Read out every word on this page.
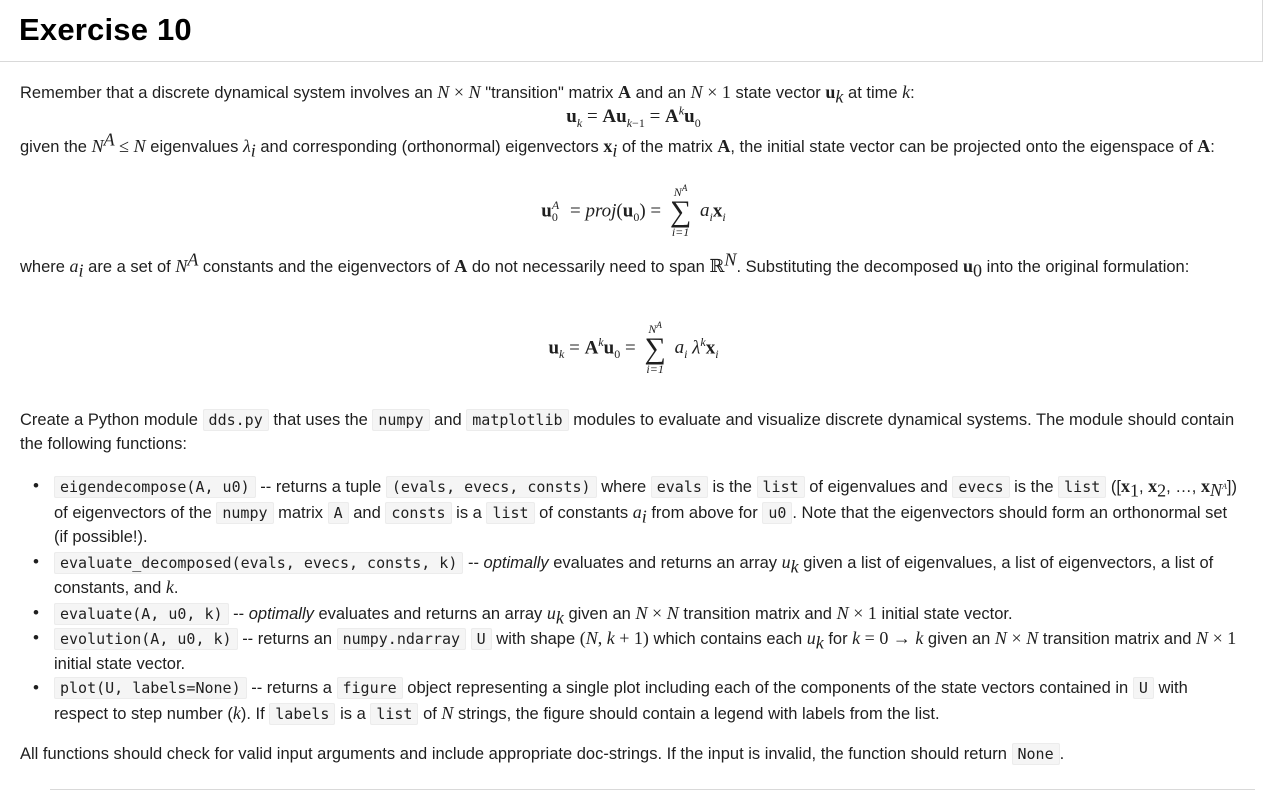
Exercise 10
Remember that a discrete dynamical system involves an N × N "transition" matrix A and an N × 1 state vector $u_k$ at time k:
$u_k = Au_{k-1} = A^ku_0$
given the $N^A \le N$ eigenvalues $\lambda_i$ and corresponding (orthonormal) eigenvectors $x_i$ of the matrix A, the initial state vector can be projected onto the eigenspace of A:
$u_0^A$ = $proj(u_0)$ =
$N^A$
∑
i=1
$a_ix_i$
where $a_i$ are a set of $N^A$ constants and the eigenvectors of A do not necessarily need to span ℝ$^N$. Substituting the decomposed $u_0$ into the original formulation:
$u_k = A^ku_0$ =
$N^A$
∑
i=1
$a_i$ $\lambda^kx_i$
Create a Python module dds.py that uses the numpy and matplotlib modules to evaluate and visualize discrete dynamical systems. The module should contain the following functions:
• eigendecompose(A, u0) -- returns a tuple (evals, evecs, consts) where evals is the list of eigenvalues and evecs is the list ([$x_1$, $x_2$, …, $x_{N^A}$]) of eigenvectors of the numpy matrix A and consts is a list of constants $a_i$ from above for u0 . Note that the eigenvectors should form an orthonormal set (if possible!).
• evaluate_decomposed(evals, evecs, consts, k) -- optimally evaluates and returns an array $u_k$ given a list of eigenvalues, a list of eigenvectors, a list of constants, and k.
• evaluate(A, u0, k) -- optimally evaluates and returns an array $u_k$ given an N × N transition matrix and N × 1 initial state vector.
• evolution(A, u0, k) -- returns an numpy.ndarray U with shape (N, k + 1) which contains each $u_k$ for k = 0 → k given an N × N transition matrix and N × 1 initial state vector.
• plot(U, labels=None) -- returns a figure object representing a single plot including each of the components of the state vectors contained in U with respect to step number (k). If labels is a list of N strings, the figure should contain a legend with labels from the list.
All functions should check for valid input arguments and include appropriate doc-strings. If the input is invalid, the function should return None .
